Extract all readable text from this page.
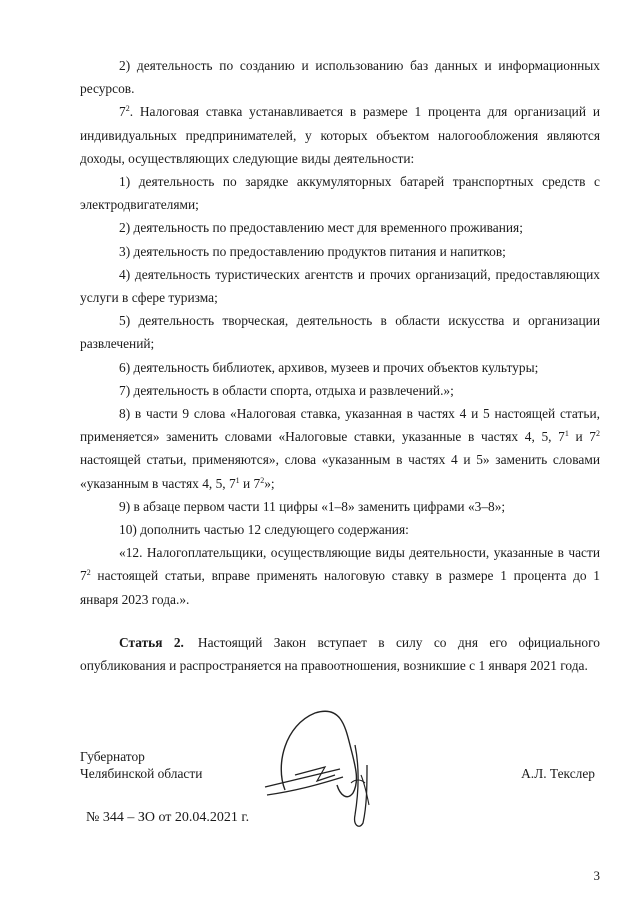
2) деятельность по созданию и использованию баз данных и информационных ресурсов.

$7^2$. Налоговая ставка устанавливается в размере 1 процента для организаций и индивидуальных предпринимателей, у которых объектом налогообложения являются доходы, осуществляющих следующие виды деятельности:

1) деятельность по зарядке аккумуляторных батарей транспортных средств с электродвигателями;

2) деятельность по предоставлению мест для временного проживания;

3) деятельность по предоставлению продуктов питания и напитков;

4) деятельность туристических агентств и прочих организаций, предоставляющих услуги в сфере туризма;

5) деятельность творческая, деятельность в области искусства и организации развлечений;

6) деятельность библиотек, архивов, музеев и прочих объектов культуры;

7) деятельность в области спорта, отдыха и развлечений.»;

8) в части 9 слова «Налоговая ставка, указанная в частях 4 и 5 настоящей статьи, применяется» заменить словами «Налоговые ставки, указанные в частях 4, 5, $7^1$ и $7^2$ настоящей статьи, применяются», слова «указанным в частях 4 и 5» заменить словами «указанным в частях 4, 5, $7^1$ и $7^2$»;

9) в абзаце первом части 11 цифры «1–8» заменить цифрами «3–8»;

10) дополнить частью 12 следующего содержания:

«12. Налогоплательщики, осуществляющие виды деятельности, указанные в части $7^2$ настоящей статьи, вправе применять налоговую ставку в размере 1 процента до 1 января 2023 года.».

Статья 2. Настоящий Закон вступает в силу со дня его официального опубликования и распространяется на правоотношения, возникшие с 1 января 2021 года.

Губернатор
Челябинской области	А.Л. Текслер
№ 344 – ЗО от 20.04.2021 г.
3
